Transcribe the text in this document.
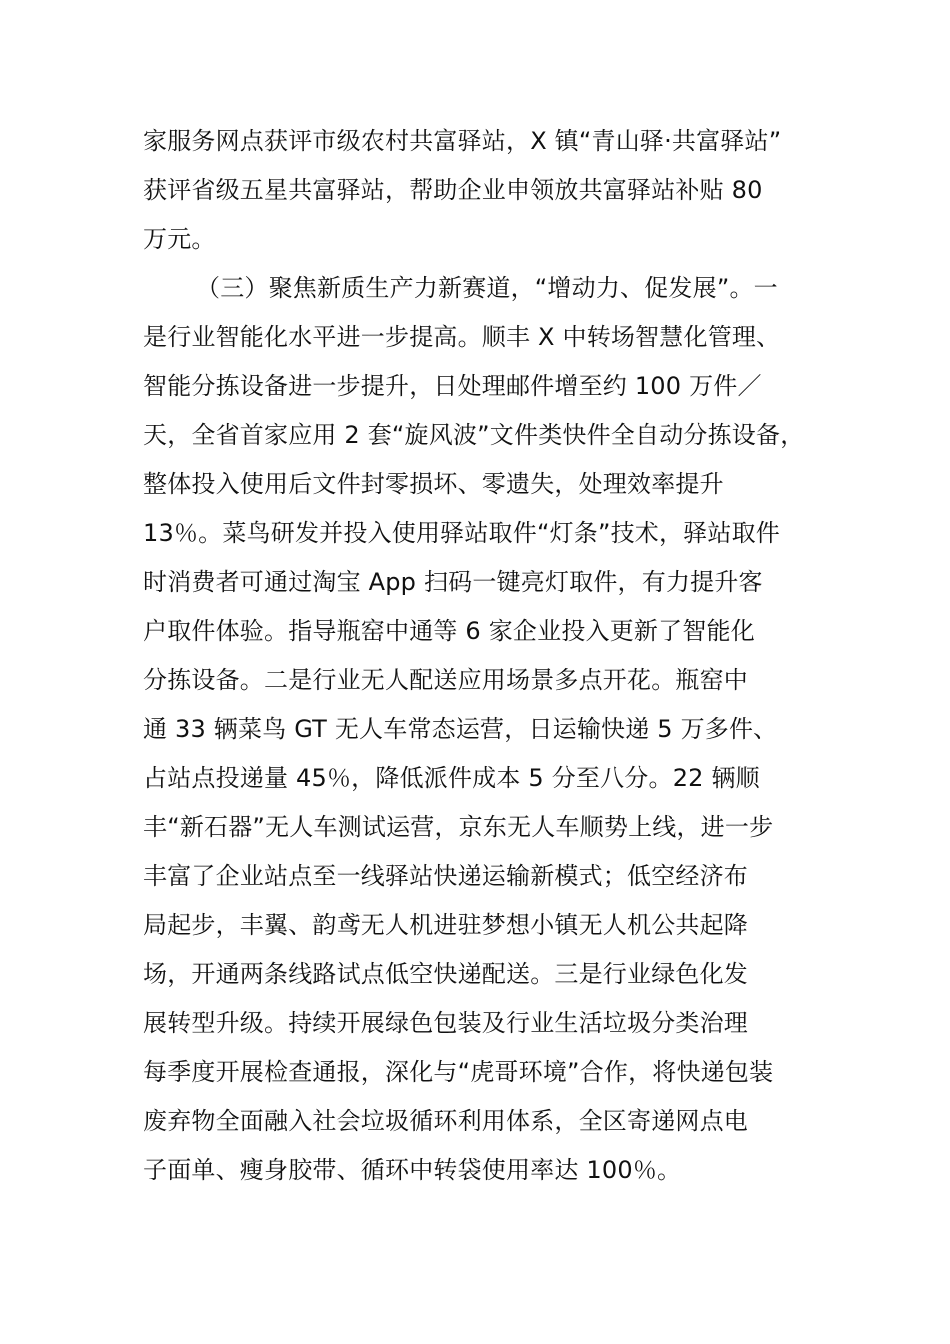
家服务网点获评市级农村共富驿站，X 镇“青山驿·共富驿站”
获评省级五星共富驿站，帮助企业申领放共富驿站补贴 80
万元。
（三）聚焦新质生产力新赛道，“增动力、促发展”。一
是行业智能化水平进一步提高。顺丰 X 中转场智慧化管理、
智能分拣设备进一步提升，日处理邮件增至约 100 万件／
天，全省首家应用 2 套“旋风波”文件类快件全自动分拣设备，
整体投入使用后文件封零损坏、零遗失，处理效率提升
13％。菜鸟研发并投入使用驿站取件“灯条”技术，驿站取件
时消费者可通过淘宝 App 扫码一键亮灯取件，有力提升客
户取件体验。指导瓶窑中通等 6 家企业投入更新了智能化
分拣设备。二是行业无人配送应用场景多点开花。瓶窑中
通 33 辆菜鸟 GT 无人车常态运营，日运输快递 5 万多件、
占站点投递量 45％，降低派件成本 5 分至八分。22 辆顺
丰“新石器”无人车测试运营，京东无人车顺势上线，进一步
丰富了企业站点至一线驿站快递运输新模式；低空经济布
局起步，丰翼、韵鸢无人机进驻梦想小镇无人机公共起降
场，开通两条线路试点低空快递配送。三是行业绿色化发
展转型升级。持续开展绿色包装及行业生活垃圾分类治理
每季度开展检查通报，深化与“虎哥环境”合作，将快递包装
废弃物全面融入社会垃圾循环利用体系，全区寄递网点电
子面单、瘦身胶带、循环中转袋使用率达 100％。
